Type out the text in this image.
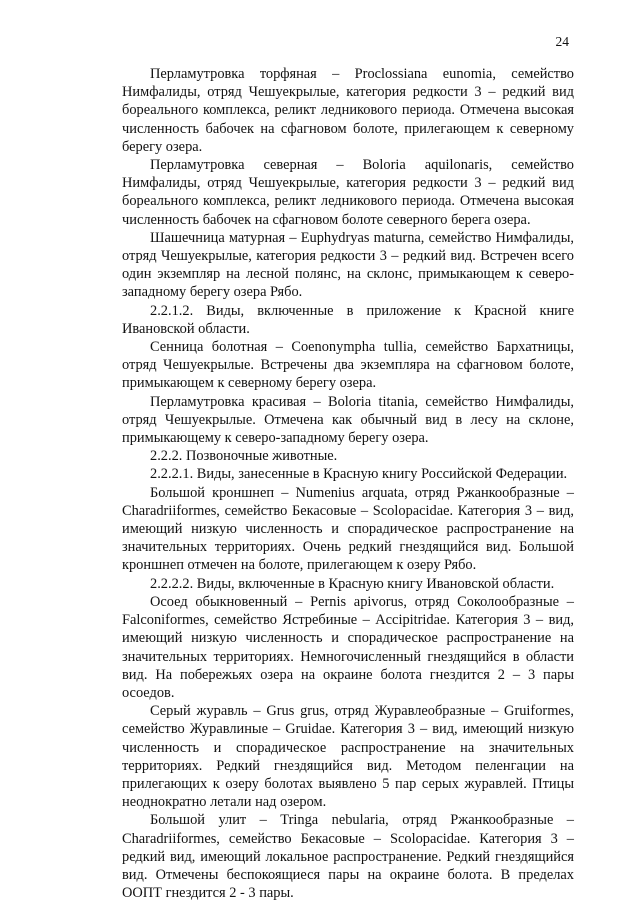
24

Перламутровка торфяная – Proclossiana eunomia, семейство Нимфалиды, отряд Чешуекрылые, категория редкости 3 – редкий вид бореального комплекса, реликт ледникового периода. Отмечена высокая численность бабочек на сфагновом болоте, прилегающем к северному берегу озера.

Перламутровка северная – Boloria aquilonaris, семейство Нимфалиды, отряд Чешуекрылые, категория редкости 3 – редкий вид бореального комплекса, реликт ледникового периода. Отмечена высокая численность бабочек на сфагновом болоте северного берега озера.

Шашечница матурная – Euphydryas maturna, семейство Нимфалиды, отряд Чешуекрылые, категория редкости 3 – редкий вид. Встречен всего один экземпляр на лесной полянс, на склонс, примыкающем к северо-западному берегу озера Рябо.

2.2.1.2. Виды, включенные в приложение к Красной книге Ивановской области.

Сенница болотная – Coenonympha tullia, семейство Бархатницы, отряд Чешуекрылые. Встречены два экземпляра на сфагновом болоте, примыкающем к северному берегу озера.

Перламутровка красивая – Boloria titania, семейство Нимфалиды, отряд Чешуекрылые. Отмечена как обычный вид в лесу на склоне, примыкающему к северо-западному берегу озера.

2.2.2. Позвоночные животные.

2.2.2.1. Виды, занесенные в Красную книгу Российской Федерации.

Большой кроншнеп – Numenius arquata, отряд Ржанкообразные – Charadriiformes, семейство Бекасовые – Scolopacidae. Категория 3 – вид, имеющий низкую численность и спорадическое распространение на значительных территориях. Очень редкий гнездящийся вид. Большой кроншнеп отмечен на болоте, прилегающем к озеру Рябо.

2.2.2.2. Виды, включенные в Красную книгу Ивановской области.

Осоед обыкновенный – Pernis apivorus, отряд Соколообразные – Falconiformes, семейство Ястребиные – Accipitridae. Категория 3 – вид, имеющий низкую численность и спорадическое распространение на значительных территориях. Немногочисленный гнездящийся в области вид. На побережьях озера на окраине болота гнездится 2 – 3 пары осоедов.

Серый журавль – Grus grus, отряд Журавлеобразные – Gruiformes, семейство Журавлиные – Gruidae. Категория 3 – вид, имеющий низкую численность и спорадическое распространение на значительных территориях. Редкий гнездящийся вид. Методом пеленгации на прилегающих к озеру болотах выявлено 5 пар серых журавлей. Птицы неоднократно летали над озером.

Большой улит – Tringa nebularia, отряд Ржанкообразные – Charadriiformes, семейство Бекасовые – Scolopacidae. Категория 3 – редкий вид, имеющий локальное распространение. Редкий гнездящийся вид. Отмечены беспокоящиеся пары на окраине болота. В пределах ООПТ гнездится 2 - 3 пары.
